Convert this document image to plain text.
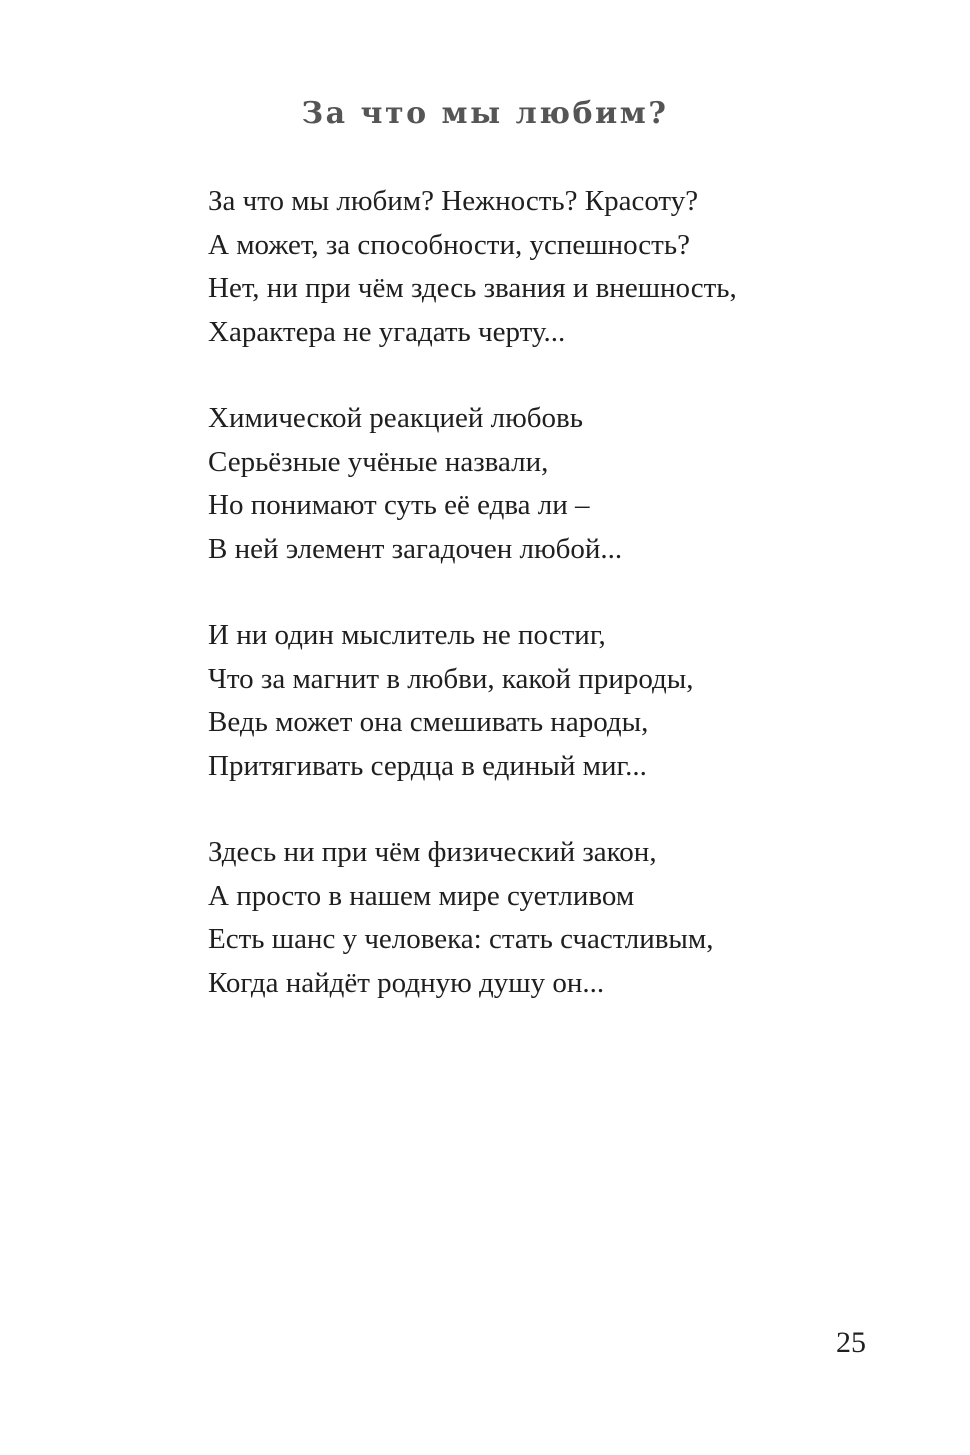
За что мы любим?
За что мы любим? Нежность? Красоту?
А может, за способности, успешность?
Нет, ни при чём здесь звания и внешность,
Характера не угадать черту...
Химической реакцией любовь
Серьёзные учёные назвали,
Но понимают суть её едва ли –
В ней элемент загадочен любой...
И ни один мыслитель не постиг,
Что за магнит в любви, какой природы,
Ведь может она смешивать народы,
Притягивать сердца в единый миг...
Здесь ни при чём физический закон,
А просто в нашем мире суетливом
Есть шанс у человека: стать счастливым,
Когда найдёт родную душу он...
25
